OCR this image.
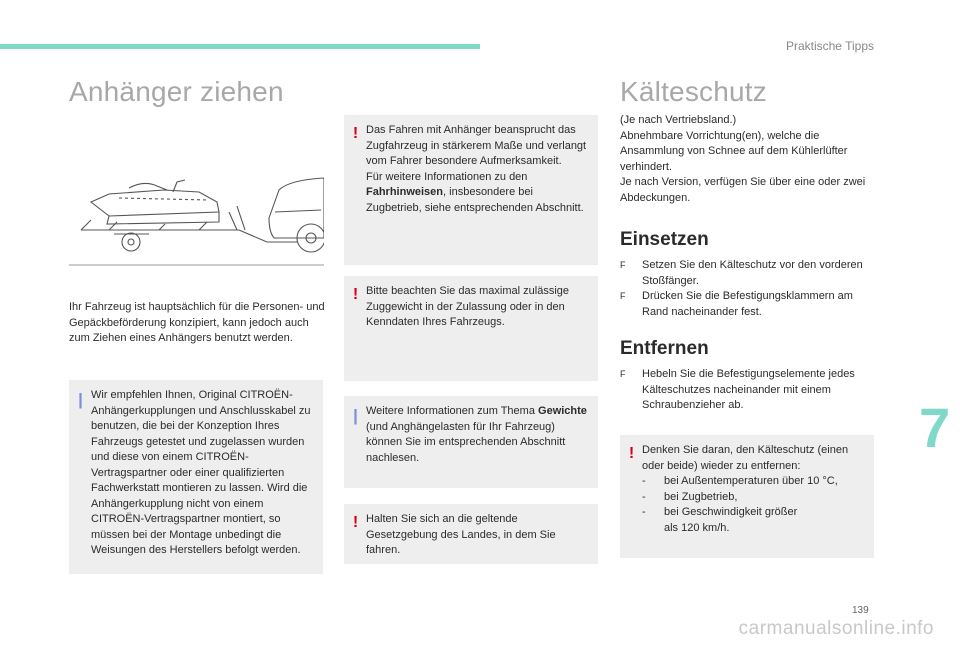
Praktische Tipps
Anhänger ziehen
Ihr Fahrzeug ist hauptsächlich für die Personen- und Gepäckbeförderung konzipiert, kann jedoch auch zum Ziehen eines Anhängers benutzt werden.
| Wir empfehlen Ihnen, Original CITROËN-Anhängerkupplungen und Anschlusskabel zu benutzen, die bei der Konzeption Ihres Fahrzeugs getestet und zugelassen wurden und diese von einem CITROËN-Vertragspartner oder einer qualifizierten Fachwerkstatt montieren zu lassen. Wird die Anhängerkupplung nicht von einem CITROËN-Vertragspartner montiert, so müssen bei der Montage unbedingt die Weisungen des Herstellers befolgt werden.
! Das Fahren mit Anhänger beansprucht das Zugfahrzeug in stärkerem Maße und verlangt vom Fahrer besondere Aufmerksamkeit.
Für weitere Informationen zu den Fahrhinweisen, insbesondere bei Zugbetrieb, siehe entsprechenden Abschnitt.
! Bitte beachten Sie das maximal zulässige Zuggewicht in der Zulassung oder in den Kenndaten Ihres Fahrzeugs.
| Weitere Informationen zum Thema Gewichte (und Anghängelasten für Ihr Fahrzeug) können Sie im entsprechenden Abschnitt nachlesen.
! Halten Sie sich an die geltende Gesetzgebung des Landes, in dem Sie fahren.
Kälteschutz
(Je nach Vertriebsland.)
Abnehmbare Vorrichtung(en), welche die Ansammlung von Schnee auf dem Kühlerlüfter verhindert.
Je nach Version, verfügen Sie über eine oder zwei Abdeckungen.
Einsetzen
F	Setzen Sie den Kälteschutz vor den vorderen Stoßfänger.
F	Drücken Sie die Befestigungsklammern am Rand nacheinander fest.
Entfernen
F	Hebeln Sie die Befestigungselemente jedes Kälteschutzes nacheinander mit einem Schraubenzieher ab.
! Denken Sie daran, den Kälteschutz (einen oder beide) wieder zu entfernen:
- bei Außentemperaturen über 10 °C,
- bei Zugbetrieb,
-	bei Geschwindigkeit größer als 120 km/h.
7
139
carmanualsonline.info
